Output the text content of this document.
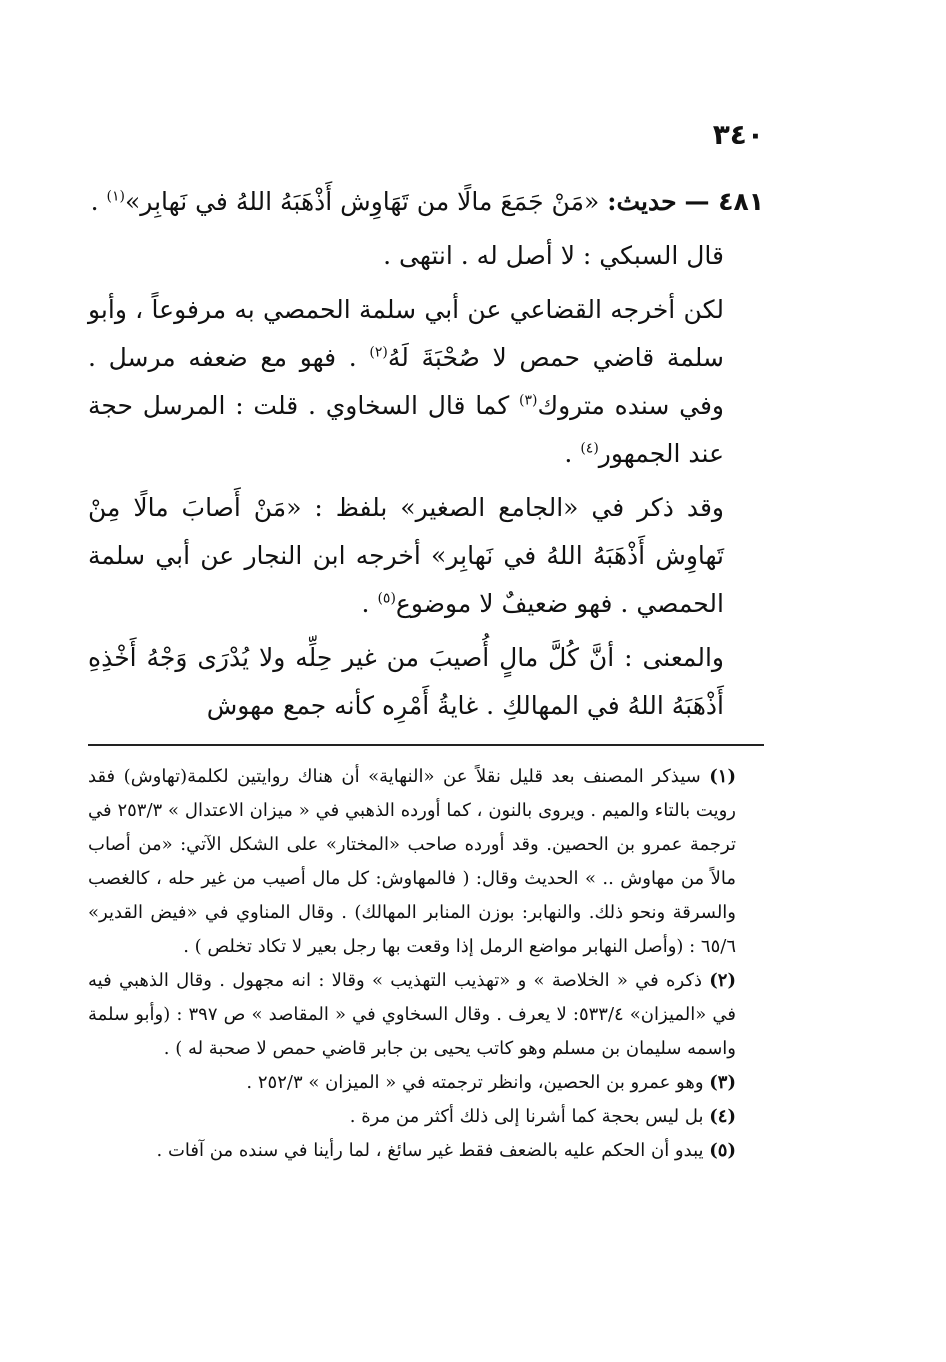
٣٤٠

٤٨١ — حديث: «مَنْ جَمَعَ مالًا من تَهَاوِش أَذْهَبَهُ اللهُ في نَهابِر»$^{(١)}$ .

قال السبكي : لا أصل له . انتهى .

لكن أخرجه القضاعي عن أبي سلمة الحمصي به مرفوعاً ، وأبو سلمة قاضي حمص لا صُحْبَةَ لَهُ$^{(٢)}$ . فهو مع ضعفه مرسل . وفي سنده متروك$^{(٣)}$ كما قال السخاوي . قلت : المرسل حجة عند الجمهور$^{(٤)}$ .

وقد ذكر في «الجامع الصغير» بلفظ : «مَنْ أَصابَ مالًا مِنْ تَهاوِش أَذْهَبَهُ اللهُ في نَهابِر» أخرجه ابن النجار عن أبي سلمة الحمصي . فهو ضعيفٌ لا موضوع$^{(٥)}$ .

والمعنى : أنَّ كُلَّ مالٍ أُصيبَ من غير حِلِّه ولا يُدْرَى وَجْهُ أَخْذِهِ أَذْهَبَهُ اللهُ في المهالكِ . غايةُ أَمْرِه كأنه جمع مهوش

(١) سيذكر المصنف بعد قليل نقلاً عن «النهاية» أن هناك روايتين لكلمة(تهاوش) فقد رويت بالتاء والميم . ويروى بالنون ، كما أورده الذهبي في « ميزان الاعتدال » ٢٥٣/٣ في ترجمة عمرو بن الحصين. وقد أورده صاحب «المختار» على الشكل الآتي: «من أصاب مالاً من مهاوش .. » الحديث وقال: ( فالمهاوش: كل مال أصيب من غير حله ، كالغصب والسرقة ونحو ذلك. والنهابر: بوزن المنابر المهالك) . وقال المناوي في «فيض القدير» ٦٥/٦ : (وأصل النهابر مواضع الرمل إذا وقعت بها رجل بعير لا تكاد تخلص ) .

(٢) ذكره في « الخلاصة » و «تهذيب التهذيب » وقالا : انه مجهول . وقال الذهبي فيه في «الميزان» ٥٣٣/٤: لا يعرف . وقال السخاوي في « المقاصد » ص ٣٩٧ : (وأبو سلمة واسمه سليمان بن مسلم وهو كاتب يحيى بن جابر قاضي حمص لا صحبة له ) .

(٣) وهو عمرو بن الحصين، وانظر ترجمته في « الميزان » ٢٥٢/٣ .

(٤) بل ليس بحجة كما أشرنا إلى ذلك أكثر من مرة .

(٥) يبدو أن الحكم عليه بالضعف فقط غير سائغ ، لما رأينا في سنده من آفات .
